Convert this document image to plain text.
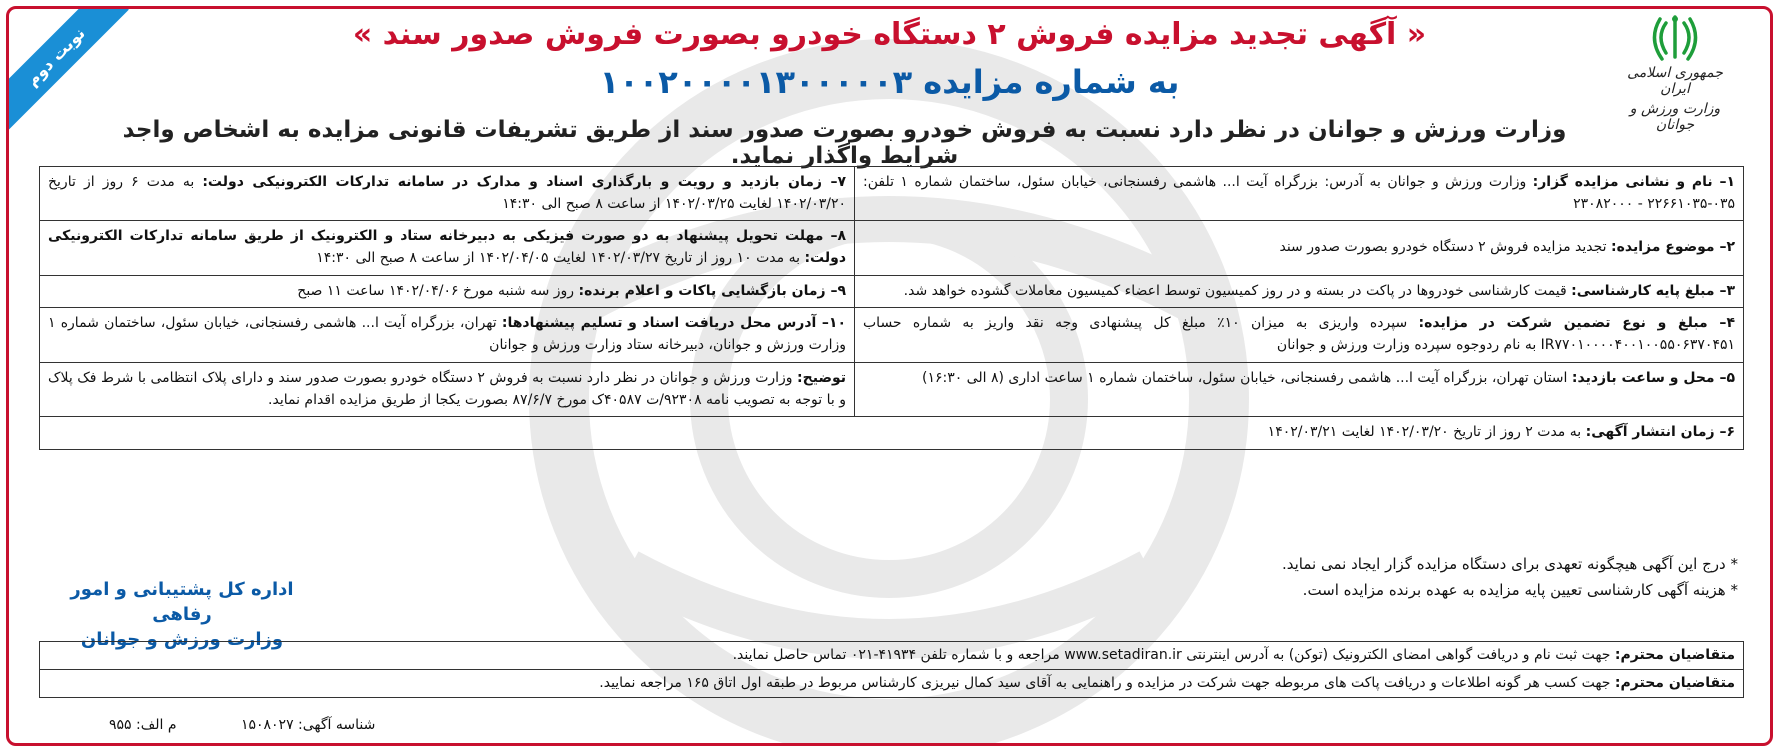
نوبت دوم	جمهوری اسلامی ایران
وزارت ورزش و جوانان
« آگهی تجدید مزایده فروش ۲ دستگاه خودرو بصورت فروش صدور سند »
به شماره مزایده ۱۰۰۲۰۰۰۰۱۳۰۰۰۰۰۳
وزارت ورزش و جوانان در نظر دارد نسبت به فروش خودرو بصورت صدور سند از طریق تشریفات قانونی مزایده به اشخاص واجد شرایط واگذار نماید.
۱– نام و نشانی مزایده گزار: وزارت ورزش و جوانان به آدرس: بزرگراه آیت ا... هاشمی رفسنجانی، خیابان سئول، ساختمان شماره ۱ تلفن: ۰۳۵-۲۲۶۶۱۰۳۵ - ۲۳۰۸۲۰۰۰	۷– زمان بازدید و رویت و بارگذاری اسناد و مدارک در سامانه تدارکات الکترونیکی دولت: به مدت ۶ روز از تاریخ ۱۴۰۲/۰۳/۲۰ لغایت ۱۴۰۲/۰۳/۲۵ از ساعت ۸ صبح الی ۱۴:۳۰
۲– موضوع مزایده: تجدید مزایده فروش ۲ دستگاه خودرو بصورت صدور سند	۸– مهلت تحویل پیشنهاد به دو صورت فیزیکی به دبیرخانه ستاد و الکترونیک از طریق سامانه تدارکات الکترونیکی دولت: به مدت ۱۰ روز از تاریخ ۱۴۰۲/۰۳/۲۷ لغایت ۱۴۰۲/۰۴/۰۵ از ساعت ۸ صبح الی ۱۴:۳۰
۳– مبلغ پایه کارشناسی: قیمت کارشناسی خودروها در پاکت در بسته و در روز کمیسیون توسط اعضاء کمیسیون معاملات گشوده خواهد شد.	۹– زمان بازگشایی پاکات و اعلام برنده: روز سه شنبه مورخ ۱۴۰۲/۰۴/۰۶ ساعت ۱۱ صبح
۴– مبلغ و نوع تضمین شرکت در مزایده: سپرده واریزی به میزان ۱۰٪ مبلغ کل پیشنهادی وجه نقد واریز به شماره حساب IR۷۷۰۱۰۰۰۰۴۰۰۱۰۰۵۵۰۶۳۷۰۴۵۱ به نام ردوجوه سپرده وزارت ورزش و جوانان	۱۰– آدرس محل دریافت اسناد و تسلیم پیشنهادها: تهران، بزرگراه آیت ا... هاشمی رفسنجانی، خیابان سئول، ساختمان شماره ۱ وزارت ورزش و جوانان، دبیرخانه ستاد وزارت ورزش و جوانان
۵– محل و ساعت بازدید: استان تهران، بزرگراه آیت ا... هاشمی رفسنجانی، خیابان سئول، ساختمان شماره ۱ ساعت اداری (۸ الی ۱۶:۳۰)	توضیح: وزارت ورزش و جوانان در نظر دارد نسبت به فروش ۲ دستگاه خودرو بصورت صدور سند و دارای پلاک انتظامی با شرط فک پلاک و با توجه به تصویب نامه ۹۲۳۰۸/ت ۴۰۵۸۷ک مورخ ۸۷/۶/۷ بصورت یکجا از طریق مزایده اقدام نماید.
۶– زمان انتشار آگهی: به مدت ۲ روز از تاریخ ۱۴۰۲/۰۳/۲۰ لغایت ۱۴۰۲/۰۳/۲۱	
* درج این آگهی هیچگونه تعهدی برای دستگاه مزایده گزار ایجاد نمی نماید.
* هزینه آگهی کارشناسی تعیین پایه مزایده به عهده برنده مزایده است.
اداره کل پشتیبانی و امور رفاهی
وزارت ورزش و جوانان
متقاضیان محترم: جهت ثبت نام و دریافت گواهی امضای الکترونیک (توکن) به آدرس اینترنتی www.setadiran.ir مراجعه و با شماره تلفن ۴۱۹۳۴-۰۲۱ تماس حاصل نمایند.
متقاضیان محترم: جهت کسب هر گونه اطلاعات و دریافت پاکت های مربوطه جهت شرکت در مزایده و راهنمایی به آقای سید کمال نیریزی کارشناس مربوط در طبقه اول اتاق ۱۶۵ مراجعه نمایید.
شناسه آگهی: ۱۵۰۸۰۲۷ م الف: ۹۵۵
